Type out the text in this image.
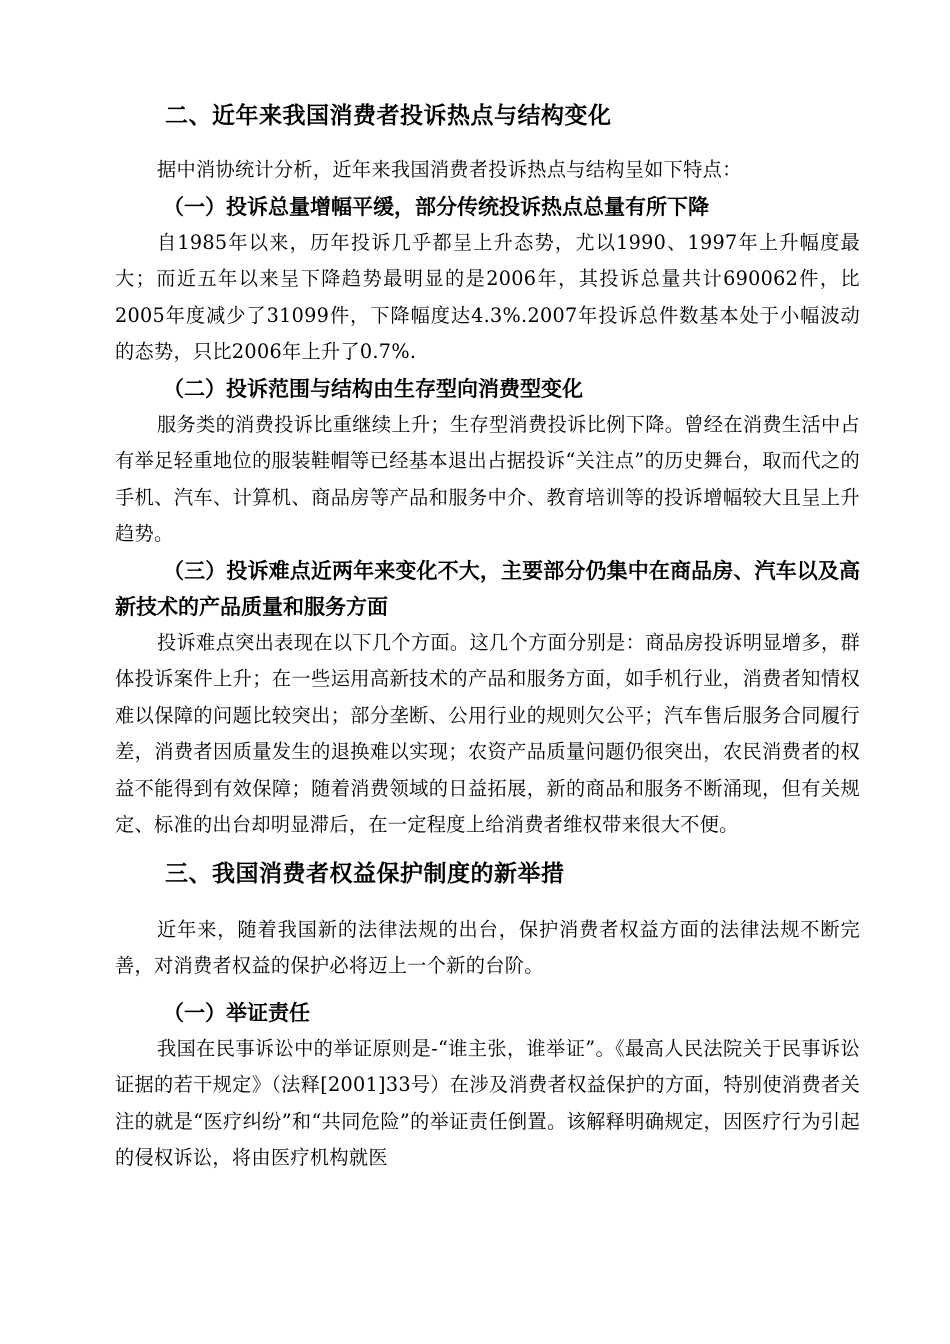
二、近年来我国消费者投诉热点与结构变化

据中消协统计分析，近年来我国消费者投诉热点与结构呈如下特点：

（一）投诉总量增幅平缓，部分传统投诉热点总量有所下降

自1985年以来，历年投诉几乎都呈上升态势，尤以1990、1997年上升幅度最大；而近五年以来呈下降趋势最明显的是2006年，其投诉总量共计690062件，比2005年度减少了31099件，下降幅度达4.3%.2007年投诉总件数基本处于小幅波动的态势，只比2006年上升了0.7%.

（二）投诉范围与结构由生存型向消费型变化

服务类的消费投诉比重继续上升；生存型消费投诉比例下降。曾经在消费生活中占有举足轻重地位的服装鞋帽等已经基本退出占据投诉“关注点”的历史舞台，取而代之的手机、汽车、计算机、商品房等产品和服务中介、教育培训等的投诉增幅较大且呈上升趋势。

（三）投诉难点近两年来变化不大，主要部分仍集中在商品房、汽车以及高新技术的产品质量和服务方面

投诉难点突出表现在以下几个方面。这几个方面分别是：商品房投诉明显增多，群体投诉案件上升；在一些运用高新技术的产品和服务方面，如手机行业，消费者知情权难以保障的问题比较突出；部分垄断、公用行业的规则欠公平；汽车售后服务合同履行差，消费者因质量发生的退换难以实现；农资产品质量问题仍很突出，农民消费者的权益不能得到有效保障；随着消费领域的日益拓展，新的商品和服务不断涌现，但有关规定、标准的出台却明显滞后，在一定程度上给消费者维权带来很大不便。

三、我国消费者权益保护制度的新举措

近年来，随着我国新的法律法规的出台，保护消费者权益方面的法律法规不断完善，对消费者权益的保护必将迈上一个新的台阶。

（一）举证责任

我国在民事诉讼中的举证原则是-“谁主张，谁举证”。《最高人民法院关于民事诉讼证据的若干规定》（法释[2001]33号）在涉及消费者权益保护的方面，特别使消费者关注的就是“医疗纠纷”和“共同危险”的举证责任倒置。该解释明确规定，因医疗行为引起的侵权诉讼，将由医疗机构就医
